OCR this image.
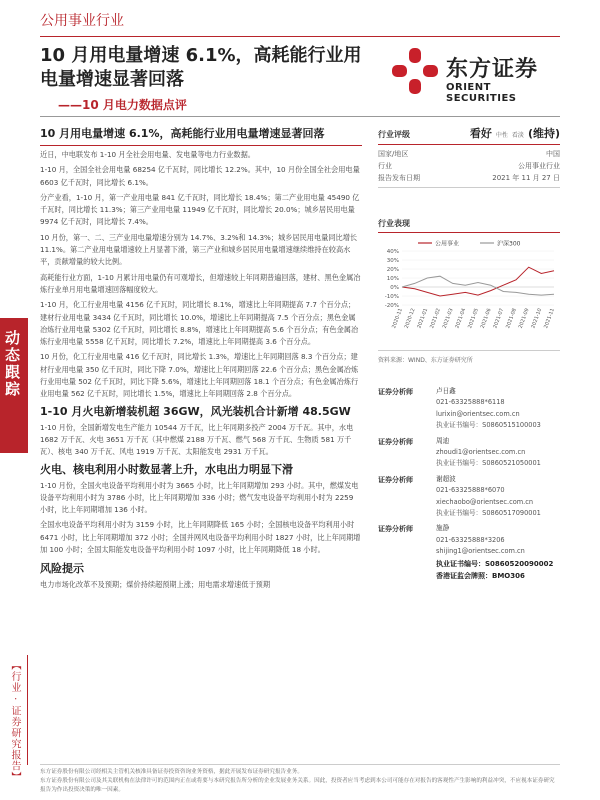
公用事业行业
10 月用电量增速 6.1%，高耗能行业用电量增速显著回落
——10 月电力数据点评
东方证券
ORIENT SECURITIES
动态跟踪
【行业 · 证券研究报告】
10 月用电量增速 6.1%，高耗能行业用电量增速显著回落

近日，中电联发布 1-10 月全社会用电量、发电量等电力行业数据。

1-10 月，全国全社会用电量 68254 亿千瓦时，同比增长 12.2%。其中，10 月份全国全社会用电量 6603 亿千瓦时，同比增长 6.1%。

分产业看，1-10 月，第一产业用电量 841 亿千瓦时，同比增长 18.4%；第二产业用电量 45490 亿千瓦时，同比增长 11.3%；第三产业用电量 11949 亿千瓦时，同比增长 20.0%；城乡居民用电量 9974 亿千瓦时，同比增长 7.4%。

10 月份，第一、二、三产业用电量增速分别为 14.7%、3.2%和 14.3%；城乡居民用电量同比增长 11.1%。第二产业用电量增速较上月显著下滑，第三产业和城乡居民用电量增速继续维持在较高水平，贡献增量的较大比例。

高耗能行业方面，1-10 月累计用电量仍有可观增长，但增速较上年同期普遍回落，建材、黑色金属冶炼行业单月用电量增速回落幅度较大。

1-10 月，化工行业用电量 4156 亿千瓦时，同比增长 8.1%，增速比上年同期提高 7.7 个百分点；建材行业用电量 3434 亿千瓦时，同比增长 10.0%，增速比上年同期提高 7.5 个百分点；黑色金属冶炼行业用电量 5302 亿千瓦时，同比增长 8.8%，增速比上年同期提高 5.6 个百分点；有色金属冶炼行业用电量 5558 亿千瓦时，同比增长 7.2%，增速比上年同期提高 3.6 个百分点。

10 月份，化工行业用电量 416 亿千瓦时，同比增长 1.3%，增速比上年同期回落 8.3 个百分点；建材行业用电量 350 亿千瓦时，同比下降 7.0%，增速比上年同期回落 22.6 个百分点；黑色金属冶炼行业用电量 502 亿千瓦时，同比下降 5.6%，增速比上年同期回落 18.1 个百分点；有色金属冶炼行业用电量 562 亿千瓦时，同比增长 1.5%，增速比上年同期回落 2.8 个百分点。

1-10 月火电新增装机超 36GW，风光装机合计新增 48.5GW

1-10 月份，全国新增发电生产能力 10544 万千瓦，比上年同期多投产 2004 万千瓦。其中，水电 1682 万千瓦、火电 3651 万千瓦（其中燃煤 2188 万千瓦、燃气 568 万千瓦、生物质 581 万千瓦）、核电 340 万千瓦、风电 1919 万千瓦、太阳能发电 2931 万千瓦。

火电、核电利用小时数显著上升，水电出力明显下滑

1-10 月份，全国火电设备平均利用小时为 3665 小时，比上年同期增加 293 小时。其中，燃煤发电设备平均利用小时为 3786 小时，比上年同期增加 336 小时；燃气发电设备平均利用小时为 2259 小时，比上年同期增加 136 小时。

全国水电设备平均利用小时为 3159 小时，比上年同期降低 165 小时；全国核电设备平均利用小时 6471 小时，比上年同期增加 372 小时；全国并网风电设备平均利用小时 1827 小时，比上年同期增加 100 小时；全国太阳能发电设备平均利用小时 1097 小时，比上年同期降低 18 小时。

风险提示

电力市场化改革不及预期；煤价持续超预期上涨；用电需求增速低于预期

行业评级	看好 中性 看淡 (维持)
国家/地区	中国
行业	公用事业行业
报告发布日期	2021 年 11 月 27 日
行业表现
公用事业	沪深300
40%
30%
20%
10%
0%
-10%
-20%
2020-11 2020-12 2021-01 2021-02 2021-03 2021-04 2021-05 2021-06 2021-07 2021-08 2021-09 2021-10 2021-11
资料来源：WIND、东方证券研究所
证券分析师	卢日鑫
021-63325888*6118
lurixin@orientsec.com.cn
执业证书编号：S0860515100003
证券分析师	周迪
zhoudi1@orientsec.com.cn
执业证书编号：S0860521050001
证券分析师	谢超波
021-63325888*6070
xiechaobo@orientsec.com.cn
执业证书编号：S0860517090001
证券分析师	施静
021-63325888*3206
shijing1@orientsec.com.cn
执业证书编号：S0860520090002
香港证监会牌照：BMO306

东方证券股份有限公司经相关主管机关核准具备证券投资咨询业务资格，据此开展发布证券研究报告业务。

东方证券股份有限公司及其关联机构在法律许可的范围内正在或将要与本研究报告所分析的企业发展业务关系。因此，投资者应当考虑到本公司可能存在对报告的客观性产生影响的利益冲突，不应视本证券研究报告为作出投资决策的唯一因素。
